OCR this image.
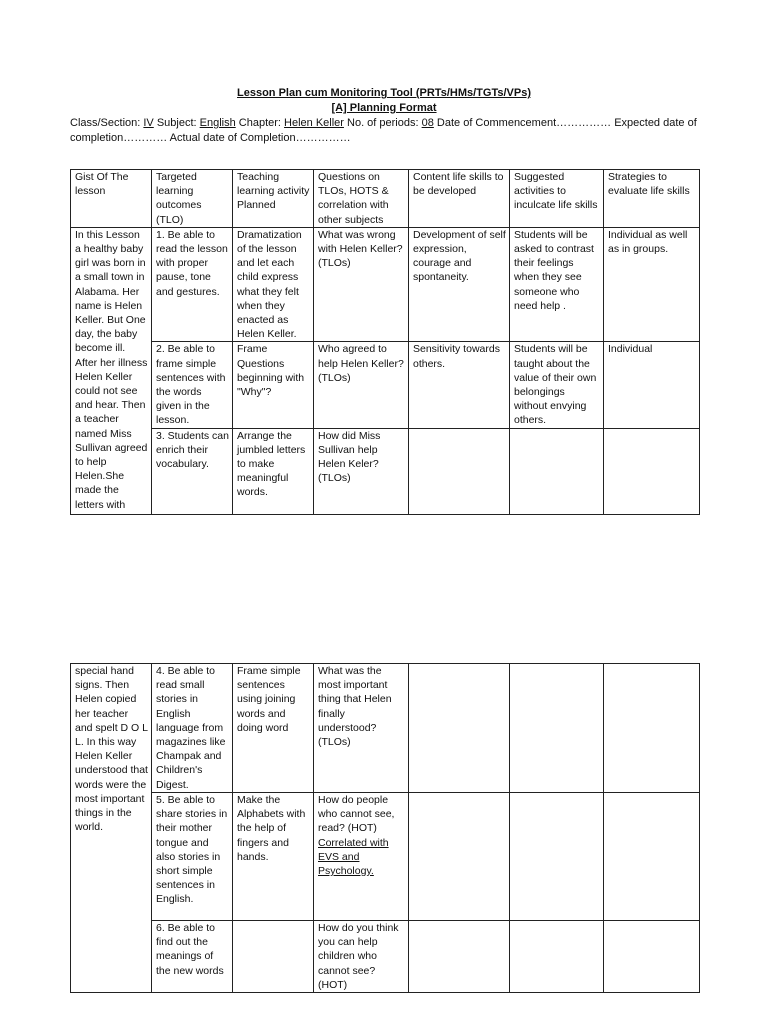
Lesson Plan cum Monitoring Tool (PRTs/HMs/TGTs/VPs)
[A] Planning Format
Class/Section: IV Subject: English Chapter: Helen Keller No. of periods: 08 Date of Commencement…………… Expected date of completion………… Actual date of Completion……………
Gist Of The lesson	Targeted learning outcomes (TLO)	Teaching learning activity Planned	Questions on TLOs, HOTS & correlation with other subjects	Content life skills to be developed	Suggested activities to inculcate life skills	Strategies to evaluate life skills
In this Lesson a healthy baby girl was born in a small town in Alabama. Her name is Helen Keller. But One day, the baby become ill. After her illness Helen Keller could not see and hear. Then a teacher named Miss Sullivan agreed to help Helen.She made the letters with	1. Be able to read the lesson with proper pause, tone and gestures.	Dramatization of the lesson and let each child express what they felt when they enacted as Helen Keller.	What was wrong with Helen Keller? (TLOs)	Development of self expression, courage and spontaneity.	Students will be asked to contrast their feelings when they see someone who need help .	Individual as well as in groups.
	2. Be able to frame simple sentences with the words given in the lesson.	Frame Questions beginning with "Why"?	Who agreed to help Helen Keller? (TLOs)	Sensitivity towards others.	Students will be taught about the value of their own belongings without envying others.	Individual
	3. Students can enrich their vocabulary.	Arrange the jumbled letters to make meaningful words.	How did Miss Sullivan help Helen Keler? (TLOs)			
special hand signs. Then Helen copied her teacher and spelt D O L L. In this way Helen Keller understood that words were the most important things in the world.	4. Be able to read small stories in English language from magazines like Champak and Children's Digest.	Frame simple sentences using joining words and doing word	What was the most important thing that Helen finally understood? (TLOs)			
	5. Be able to share stories in their mother tongue and also stories in short simple sentences in English.	Make the Alphabets with the help of fingers and hands.	How do people who cannot see, read? (HOT)
Correlated with EVS and Psychology.			

	6. Be able to find out the meanings of the new words		How do you think you can help children who cannot see? (HOT)			
